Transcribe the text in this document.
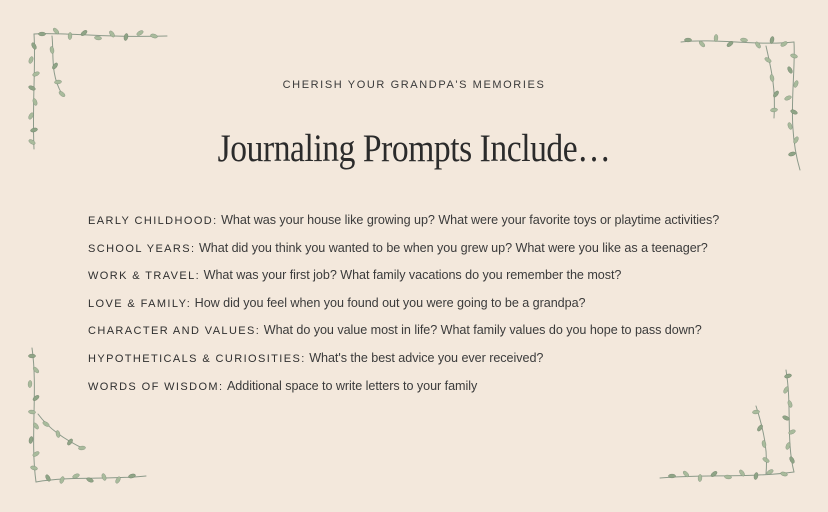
CHERISH YOUR GRANDPA'S MEMORIES
Journaling Prompts Include…
EARLY CHILDHOOD: What was your house like growing up? What were your favorite toys or playtime activities?
SCHOOL YEARS: What did you think you wanted to be when you grew up? What were you like as a teenager?
WORK & TRAVEL: What was your first job? What family vacations do you remember the most?
LOVE & FAMILY: How did you feel when you found out you were going to be a grandpa?
CHARACTER AND VALUES: What do you value most in life? What family values do you hope to pass down?
HYPOTHETICALS & CURIOSITIES: What's the best advice you ever received?
WORDS OF WISDOM: Additional space to write letters to your family
